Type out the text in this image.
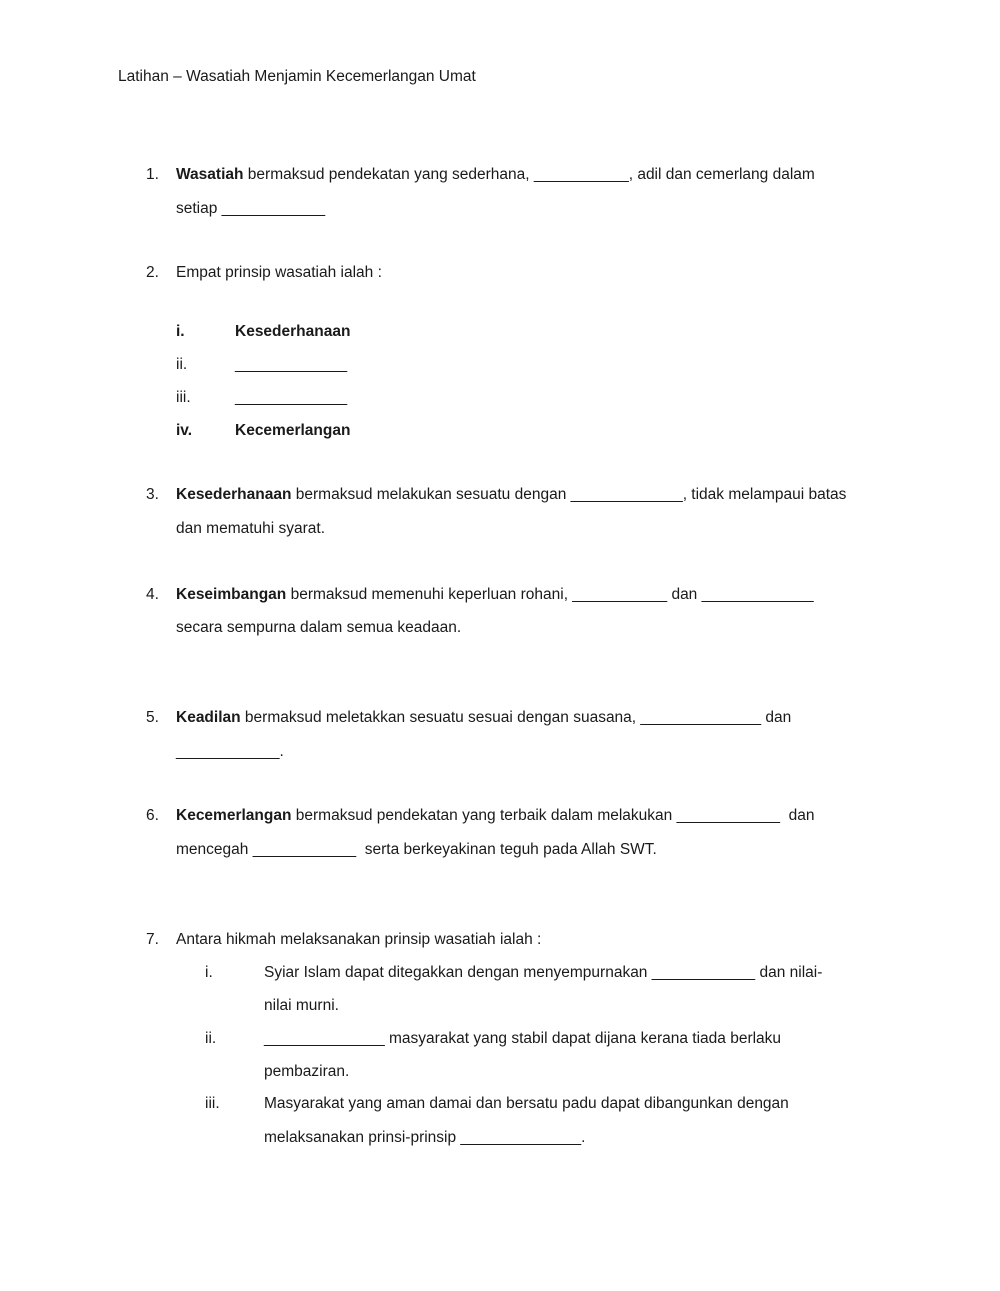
Latihan – Wasatiah Menjamin Kecemerlangan Umat
1. Wasatiah bermaksud pendekatan yang sederhana, ___________, adil dan cemerlang dalam
setiap ____________
2. Empat prinsip wasatiah ialah :
i.	Kesederhanaan
ii.	_____________
iii.	_____________
iv.	Kecemerlangan
3. Kesederhanaan bermaksud melakukan sesuatu dengan _____________, tidak melampaui batas
dan mematuhi syarat.
4. Keseimbangan bermaksud memenuhi keperluan rohani, ___________ dan _____________
secara sempurna dalam semua keadaan.
5. Keadilan bermaksud meletakkan sesuatu sesuai dengan suasana, ______________ dan
____________.
6. Kecemerlangan bermaksud pendekatan yang terbaik dalam melakukan ____________  dan
mencegah ____________  serta berkeyakinan teguh pada Allah SWT.
7. Antara hikmah melaksanakan prinsip wasatiah ialah :
i.	Syiar Islam dapat ditegakkan dengan menyempurnakan ____________ dan nilai-
nilai murni.
ii.	______________ masyarakat yang stabil dapat dijana kerana tiada berlaku
pembaziran.
iii.	Masyarakat yang aman damai dan bersatu padu dapat dibangunkan dengan
melaksanakan prinsi-prinsip ______________.
